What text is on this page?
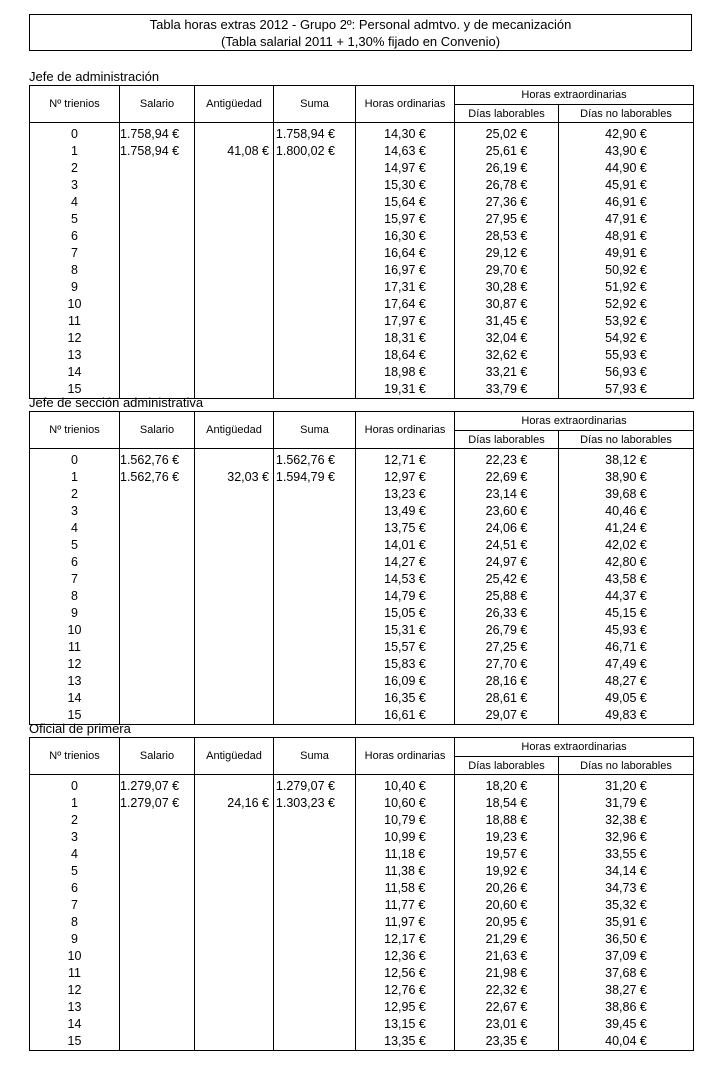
Tabla horas extras 2012 - Grupo 2º: Personal admtvo. y de mecanización
(Tabla salarial 2011 + 1,30% fijado en Convenio)
Jefe de administración
Nº trienios	Salario	Antigüedad	Suma	Horas ordinarias	Horas extraordinarias	
					Días laborables	Días no laborables

0	1.758,94 €		1.758,94 €	14,30 €	25,02 €	42,90 €
1	1.758,94 €	41,08 €	1.800,02 €	14,63 €	25,61 €	43,90 €
2				14,97 €	26,19 €	44,90 €
3				15,30 €	26,78 €	45,91 €
4				15,64 €	27,36 €	46,91 €
5				15,97 €	27,95 €	47,91 €
6				16,30 €	28,53 €	48,91 €
7				16,64 €	29,12 €	49,91 €
8				16,97 €	29,70 €	50,92 €
9				17,31 €	30,28 €	51,92 €
10				17,64 €	30,87 €	52,92 €
11				17,97 €	31,45 €	53,92 €
12				18,31 €	32,04 €	54,92 €
13				18,64 €	32,62 €	55,93 €
14				18,98 €	33,21 €	56,93 €
15				19,31 €	33,79 €	57,93 €
Jefe de sección administrativa
Nº trienios	Salario	Antigüedad	Suma	Horas ordinarias	Horas extraordinarias	
					Días laborables	Días no laborables

0	1.562,76 €		1.562,76 €	12,71 €	22,23 €	38,12 €
1	1.562,76 €	32,03 €	1.594,79 €	12,97 €	22,69 €	38,90 €
2				13,23 €	23,14 €	39,68 €
3				13,49 €	23,60 €	40,46 €
4				13,75 €	24,06 €	41,24 €
5				14,01 €	24,51 €	42,02 €
6				14,27 €	24,97 €	42,80 €
7				14,53 €	25,42 €	43,58 €
8				14,79 €	25,88 €	44,37 €
9				15,05 €	26,33 €	45,15 €
10				15,31 €	26,79 €	45,93 €
11				15,57 €	27,25 €	46,71 €
12				15,83 €	27,70 €	47,49 €
13				16,09 €	28,16 €	48,27 €
14				16,35 €	28,61 €	49,05 €
15				16,61 €	29,07 €	49,83 €
Oficial de primera
Nº trienios	Salario	Antigüedad	Suma	Horas ordinarias	Horas extraordinarias	
					Días laborables	Días no laborables

0	1.279,07 €		1.279,07 €	10,40 €	18,20 €	31,20 €
1	1.279,07 €	24,16 €	1.303,23 €	10,60 €	18,54 €	31,79 €
2				10,79 €	18,88 €	32,38 €
3				10,99 €	19,23 €	32,96 €
4				11,18 €	19,57 €	33,55 €
5				11,38 €	19,92 €	34,14 €
6				11,58 €	20,26 €	34,73 €
7				11,77 €	20,60 €	35,32 €
8				11,97 €	20,95 €	35,91 €
9				12,17 €	21,29 €	36,50 €
10				12,36 €	21,63 €	37,09 €
11				12,56 €	21,98 €	37,68 €
12				12,76 €	22,32 €	38,27 €
13				12,95 €	22,67 €	38,86 €
14				13,15 €	23,01 €	39,45 €
15				13,35 €	23,35 €	40,04 €
